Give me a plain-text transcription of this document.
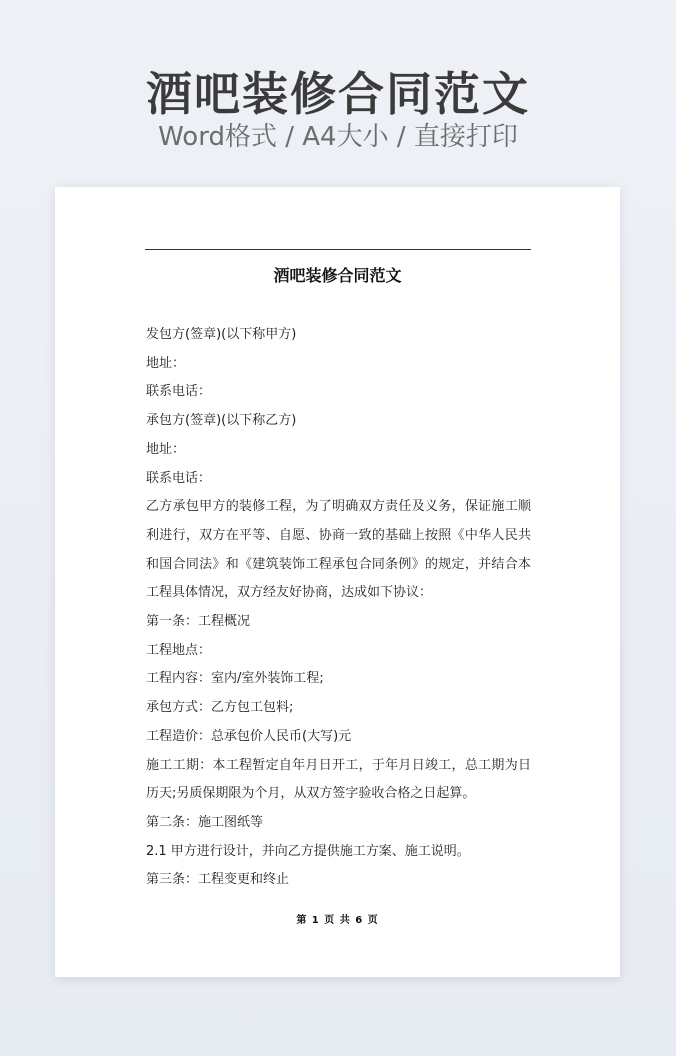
酒吧装修合同范文
Word格式 / A4大小 / 直接打印
酒吧装修合同范文

发包方(签章)(以下称甲方)

地址：

联系电话：

承包方(签章)(以下称乙方)

地址：

联系电话：

乙方承包甲方的装修工程，为了明确双方责任及义务，保证施工顺利进行，双方在平等、自愿、协商一致的基础上按照《中华人民共和国合同法》和《建筑装饰工程承包合同条例》的规定，并结合本工程具体情况，双方经友好协商，达成如下协议：

第一条：工程概况

工程地点：

工程内容：室内/室外装饰工程;

承包方式：乙方包工包料;

工程造价：总承包价人民币(大写)元

施工工期：本工程暂定自年月日开工，于年月日竣工，总工期为日历天;另质保期限为个月，从双方签字验收合格之日起算。

第二条：施工图纸等

2.1 甲方进行设计，并向乙方提供施工方案、施工说明。

第三条：工程变更和终止

第 1 页 共 6 页
